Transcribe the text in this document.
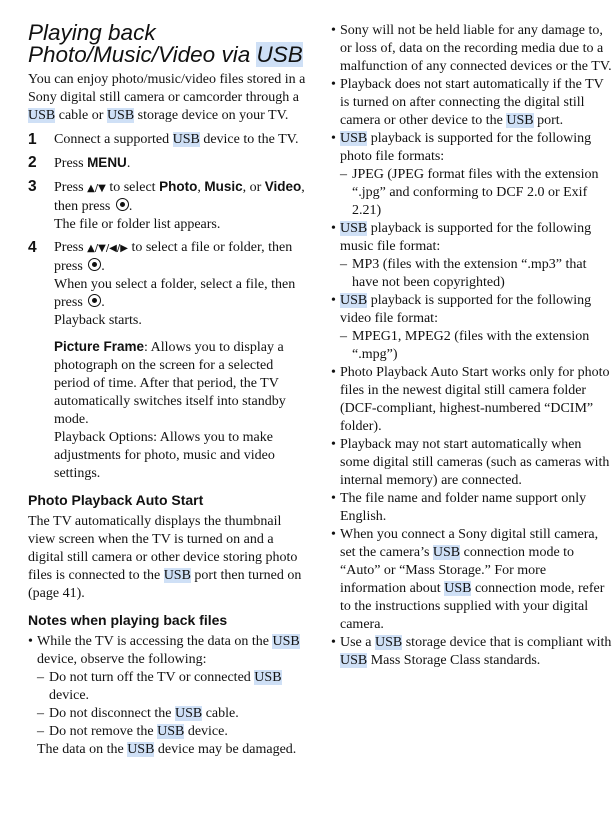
Playing back
Photo/Music/Video via USB

You can enjoy photo/music/video files stored in a Sony digital still camera or camcorder through a USB cable or USB storage device on your TV.

1	Connect a supported USB device to the TV.
2	Press MENU.
3	Press ▲/▼ to select Photo, Music, or Video, then press .

The file or folder list appears.

4	Press ▲/▼/◀/▶ to select a file or folder, then press .

When you select a folder, select a file, then press .

Playback starts.

Picture Frame: Allows you to display a photograph on the screen for a selected period of time. After that period, the TV automatically switches itself into standby mode.

Playback Options: Allows you to make adjustments for photo, music and video settings.

Photo Playback Auto Start

The TV automatically displays the thumbnail view screen when the TV is turned on and a digital still camera or other device storing photo files is connected to the USB port then turned on (page 41).

Notes when playing back files
• While the TV is accessing the data on the USB device, observe the following:
– Do not turn off the TV or connected USB device.
– Do not disconnect the USB cable.
– Do not remove the USB device.
The data on the USB device may be damaged.
• Sony will not be held liable for any damage to, or loss of, data on the recording media due to a malfunction of any connected devices or the TV.
• Playback does not start automatically if the TV is turned on after connecting the digital still camera or other device to the USB port.
• USB playback is supported for the following photo file formats:
– JPEG (JPEG format files with the extension “.jpg” and conforming to DCF 2.0 or Exif 2.21)
• USB playback is supported for the following music file format:
– MP3 (files with the extension “.mp3” that have not been copyrighted)
• USB playback is supported for the following video file format:
– MPEG1, MPEG2 (files with the extension “.mpg”)
• Photo Playback Auto Start works only for photo files in the newest digital still camera folder (DCF-compliant, highest-numbered “DCIM” folder).
• Playback may not start automatically when some digital still cameras (such as cameras with internal memory) are connected.
• The file name and folder name support only English.
• When you connect a Sony digital still camera, set the camera’s USB connection mode to “Auto” or “Mass Storage.” For more information about USB connection mode, refer to the instructions supplied with your digital camera.
• Use a USB storage device that is compliant with USB Mass Storage Class standards.
